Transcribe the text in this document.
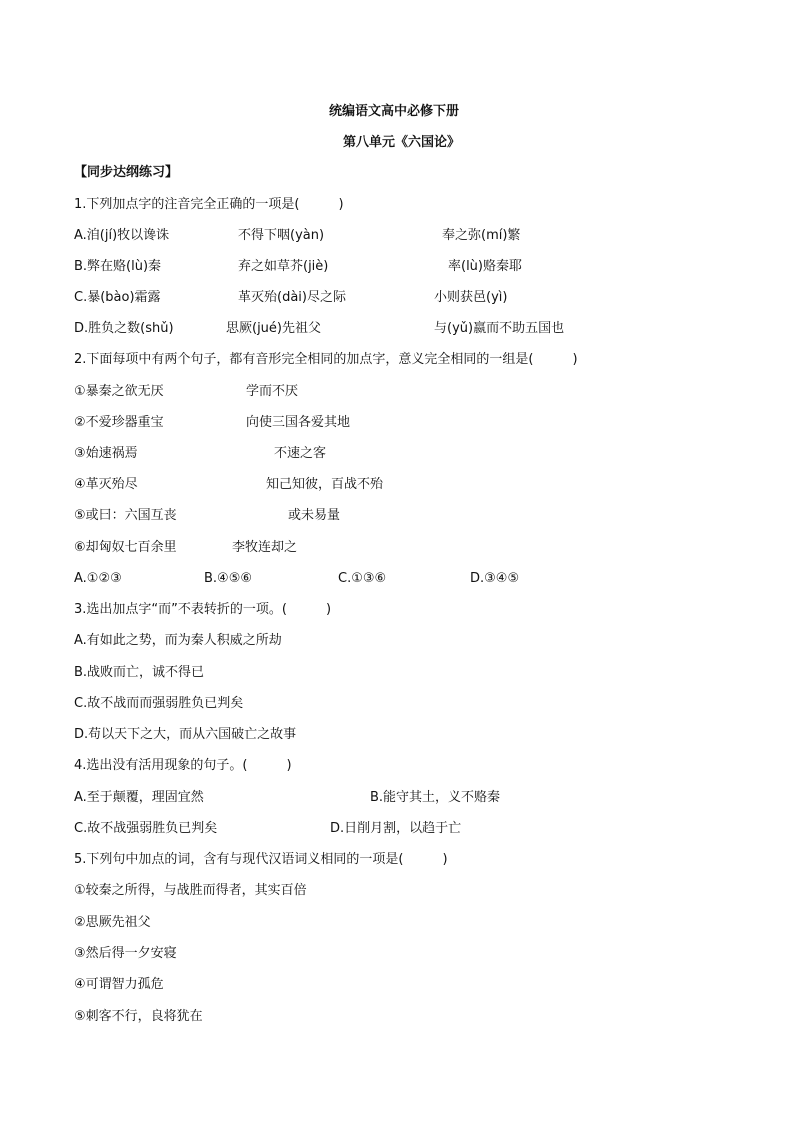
统编语文高中必修下册
第八单元《六国论》
【同步达纲练习】
1.下列加点字的注音完全正确的一项是(　　　)
A.洎(jí)牧以谗诛	不得下咽(yàn)	奉之弥(mí)繁
B.弊在赂(lù)秦	弃之如草芥(jiè)	率(lù)赂秦耶
C.暴(bào)霜露	革灭殆(dài)尽之际	小则获邑(yì)
D.胜负之数(shǔ)	思厥(jué)先祖父	与(yǔ)嬴而不助五国也
2.下面每项中有两个句子，都有音形完全相同的加点字，意义完全相同的一组是(　　　)
①暴秦之欲无厌	学而不厌
②不爱珍器重宝	向使三国各爱其地
③始速祸焉	不速之客
④革灭殆尽	知己知彼，百战不殆
⑤或曰：六国互丧	或未易量
⑥却匈奴七百余里	李牧连却之
A.①②③	B.④⑤⑥	C.①③⑥	D.③④⑤
3.选出加点字“而”不表转折的一项。(　　　)
A.有如此之势，而为秦人积威之所劫
B.战败而亡，诚不得已
C.故不战而而强弱胜负已判矣
D.苟以天下之大，而从六国破亡之故事
4.选出没有活用现象的句子。(　　　)
A.至于颠覆，理固宜然	B.能守其土，义不赂秦
C.故不战强弱胜负已判矣	D.日削月割，以趋于亡
5.下列句中加点的词，含有与现代汉语词义相同的一项是(　　　)
①较秦之所得，与战胜而得者，其实百倍
②思厥先祖父
③然后得一夕安寝
④可谓智力孤危
⑤刺客不行，良将犹在
